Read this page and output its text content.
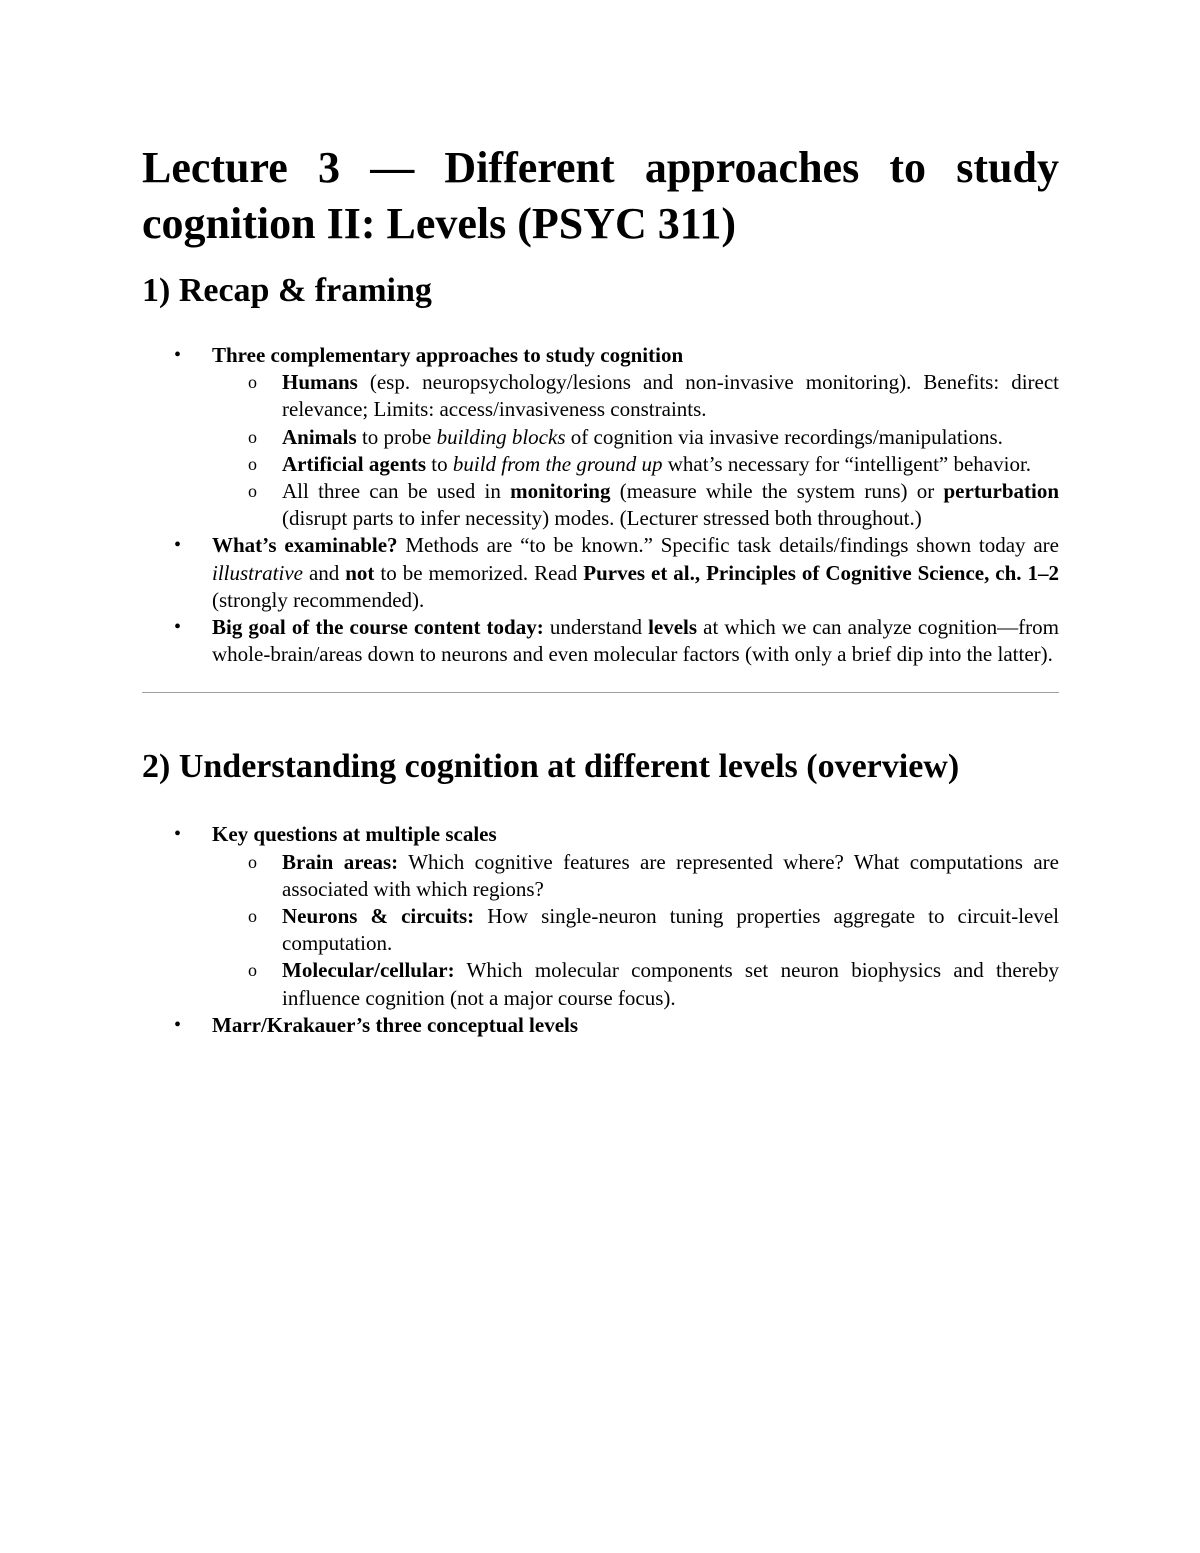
Lecture 3 — Different approaches to study cognition II: Levels (PSYC 311)
1) Recap & framing
• Three complementary approaches to study cognition
o Humans (esp. neuropsychology/lesions and non-invasive monitoring). Benefits: direct relevance; Limits: access/invasiveness constraints.
o Animals to probe building blocks of cognition via invasive recordings/manipulations.
o Artificial agents to build from the ground up what’s necessary for “intelligent” behavior.
o All three can be used in monitoring (measure while the system runs) or perturbation (disrupt parts to infer necessity) modes. (Lecturer stressed both throughout.)
• What’s examinable? Methods are “to be known.” Specific task details/findings shown today are illustrative and not to be memorized. Read Purves et al., Principles of Cognitive Science, ch. 1–2 (strongly recommended).
• Big goal of the course content today: understand levels at which we can analyze cognition—from whole-brain/areas down to neurons and even molecular factors (with only a brief dip into the latter).
2) Understanding cognition at different levels (overview)
• Key questions at multiple scales
o Brain areas: Which cognitive features are represented where? What computations are associated with which regions?
o Neurons & circuits: How single-neuron tuning properties aggregate to circuit-level computation.
o Molecular/cellular: Which molecular components set neuron biophysics and thereby influence cognition (not a major course focus).
• Marr/Krakauer’s three conceptual levels
